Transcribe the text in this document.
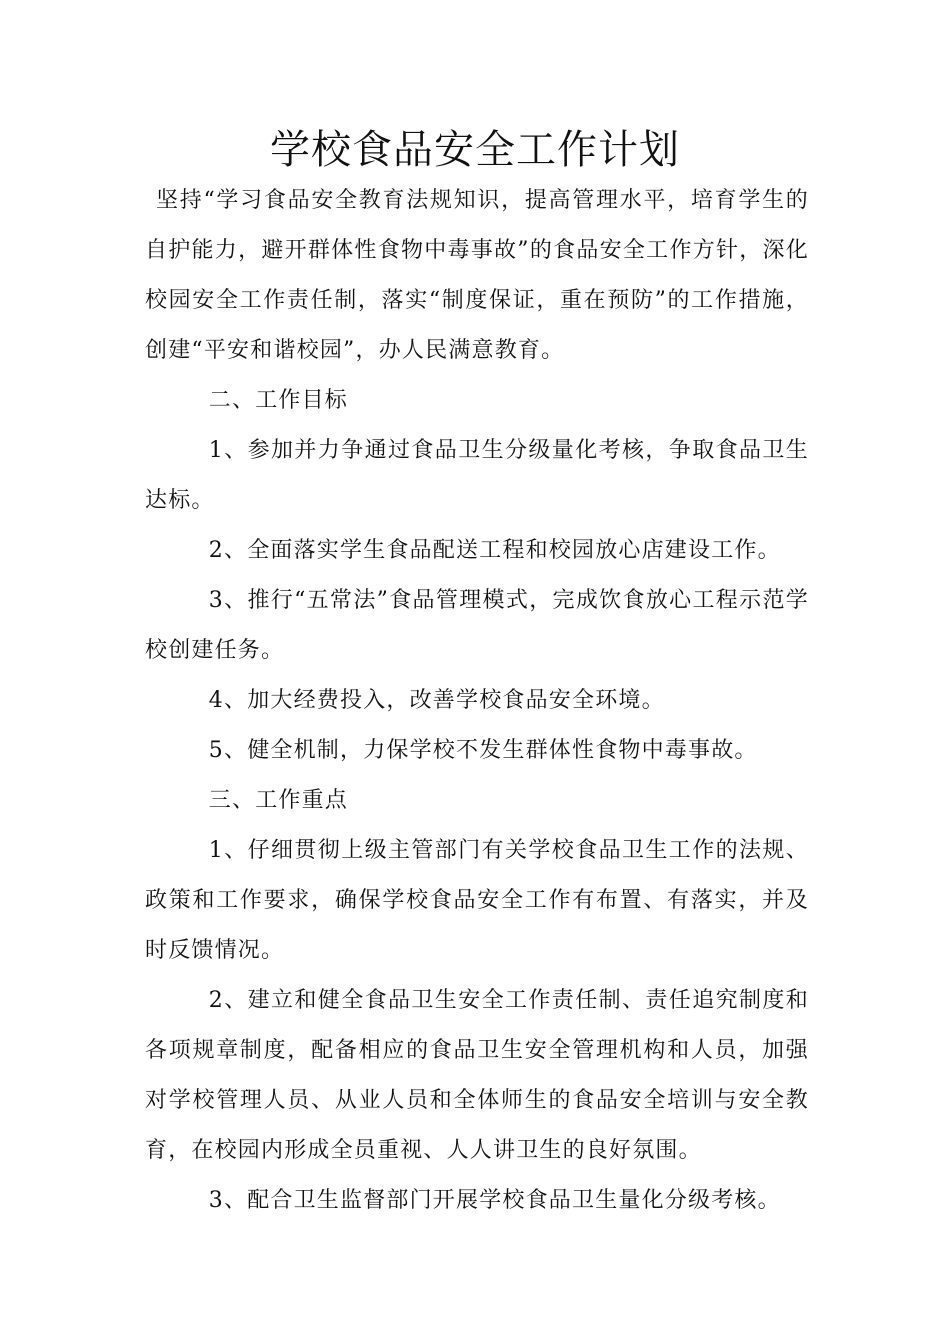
学校食品安全工作计划

坚持“学习食品安全教育法规知识，提高管理水平，培育学生的自护能力，避开群体性食物中毒事故”的食品安全工作方针，深化校园安全工作责任制，落实“制度保证，重在预防”的工作措施，创建“平安和谐校园”，办人民满意教育。

二、工作目标

1、参加并力争通过食品卫生分级量化考核，争取食品卫生达标。

2、全面落实学生食品配送工程和校园放心店建设工作。

3、推行“五常法”食品管理模式，完成饮食放心工程示范学校创建任务。

4、加大经费投入，改善学校食品安全环境。

5、健全机制，力保学校不发生群体性食物中毒事故。

三、工作重点

1、仔细贯彻上级主管部门有关学校食品卫生工作的法规、政策和工作要求，确保学校食品安全工作有布置、有落实，并及时反馈情况。

2、建立和健全食品卫生安全工作责任制、责任追究制度和各项规章制度，配备相应的食品卫生安全管理机构和人员，加强对学校管理人员、从业人员和全体师生的食品安全培训与安全教育，在校园内形成全员重视、人人讲卫生的良好氛围。

3、配合卫生监督部门开展学校食品卫生量化分级考核。
